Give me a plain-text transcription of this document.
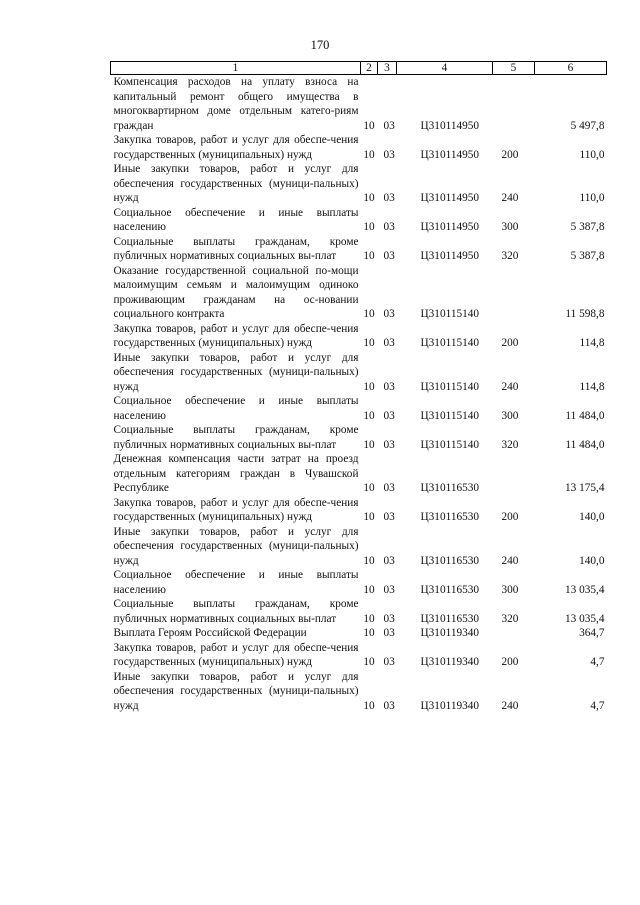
170
1	2	3	4	5	6
Компенсация расходов на уплату взноса на капитальный ремонт общего имущества в многоквартирном доме отдельным катего-риям граждан	10	03	Ц310114950		5 497,8
Закупка товаров, работ и услуг для обеспе-чения государственных (муниципальных) нужд	10	03	Ц310114950	200	110,0
Иные закупки товаров, работ и услуг для обеспечения государственных (муници-пальных) нужд	10	03	Ц310114950	240	110,0
Социальное обеспечение и иные выплаты населению	10	03	Ц310114950	300	5 387,8
Социальные выплаты гражданам, кроме публичных нормативных социальных вы-плат	10	03	Ц310114950	320	5 387,8
Оказание государственной социальной по-мощи малоимущим семьям и малоимущим одиноко проживающим гражданам на ос-новании социального контракта	10	03	Ц310115140		11 598,8
Закупка товаров, работ и услуг для обеспе-чения государственных (муниципальных) нужд	10	03	Ц310115140	200	114,8
Иные закупки товаров, работ и услуг для обеспечения государственных (муници-пальных) нужд	10	03	Ц310115140	240	114,8
Социальное обеспечение и иные выплаты населению	10	03	Ц310115140	300	11 484,0
Социальные выплаты гражданам, кроме публичных нормативных социальных вы-плат	10	03	Ц310115140	320	11 484,0
Денежная компенсация части затрат на проезд отдельным категориям граждан в Чувашской Республике	10	03	Ц310116530		13 175,4
Закупка товаров, работ и услуг для обеспе-чения государственных (муниципальных) нужд	10	03	Ц310116530	200	140,0
Иные закупки товаров, работ и услуг для обеспечения государственных (муници-пальных) нужд	10	03	Ц310116530	240	140,0
Социальное обеспечение и иные выплаты населению	10	03	Ц310116530	300	13 035,4
Социальные выплаты гражданам, кроме публичных нормативных социальных вы-плат	10	03	Ц310116530	320	13 035,4
Выплата Героям Российской Федерации	10	03	Ц310119340		364,7
Закупка товаров, работ и услуг для обеспе-чения государственных (муниципальных) нужд	10	03	Ц310119340	200	4,7
Иные закупки товаров, работ и услуг для обеспечения государственных (муници-пальных) нужд	10	03	Ц310119340	240	4,7
